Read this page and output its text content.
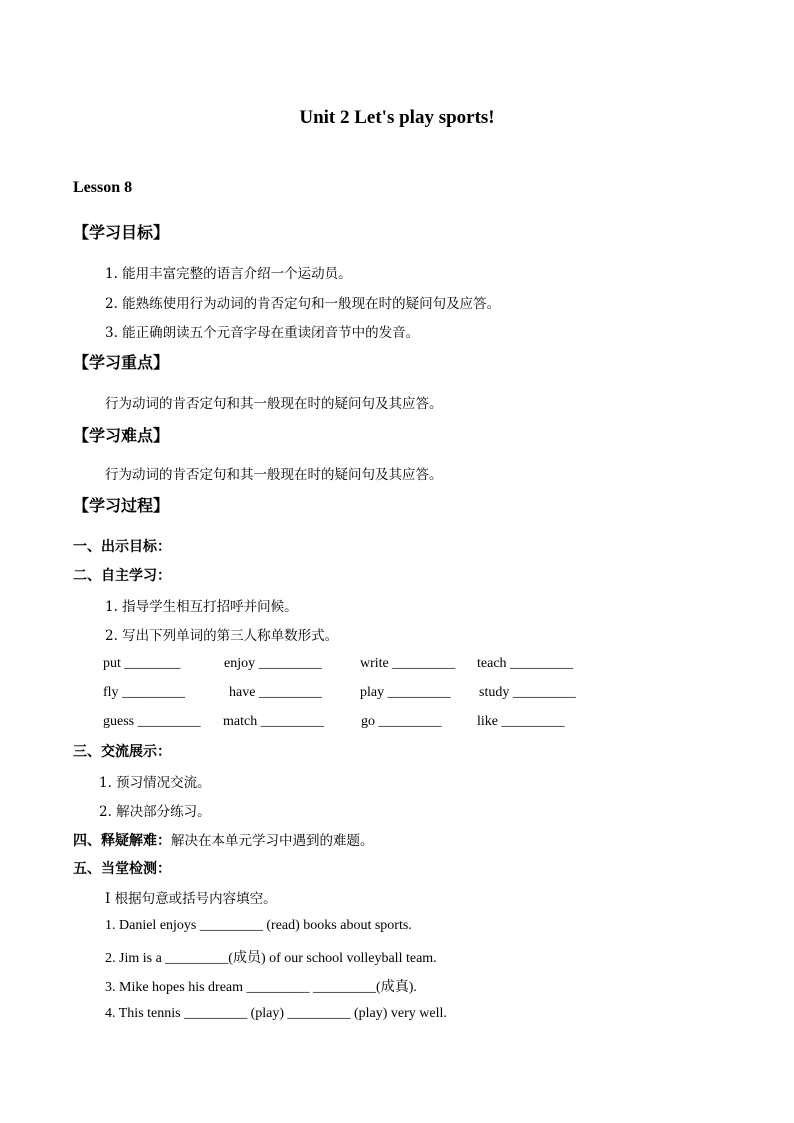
Unit 2 Let's play sports!
Lesson 8
【学习目标】
1. 能用丰富完整的语言介绍一个运动员。
2. 能熟练使用行为动词的肯否定句和一般现在时的疑问句及应答。
3. 能正确朗读五个元音字母在重读闭音节中的发音。
【学习重点】
行为动词的肯否定句和其一般现在时的疑问句及其应答。
【学习难点】
行为动词的肯否定句和其一般现在时的疑问句及其应答。
【学习过程】
一、出示目标：
二、自主学习：
1. 指导学生相互打招呼并问候。
2. 写出下列单词的第三人称单数形式。
put ________	enjoy _________	write _________ teach _________
fly _________	have _________	play _________ study _________
guess _________ match _________	go _________	like _________
三、交流展示：
1. 预习情况交流。
2. 解决部分练习。
四、释疑解难：解决在本单元学习中遇到的难题。
五、当堂检测：
I 根据句意或括号内容填空。
1. Daniel enjoys _________ (read) books about sports.
2. Jim is a _________(成员) of our school volleyball team.
3. Mike hopes his dream _________ _________(成真).
4. This tennis _________ (play) _________ (play) very well.
